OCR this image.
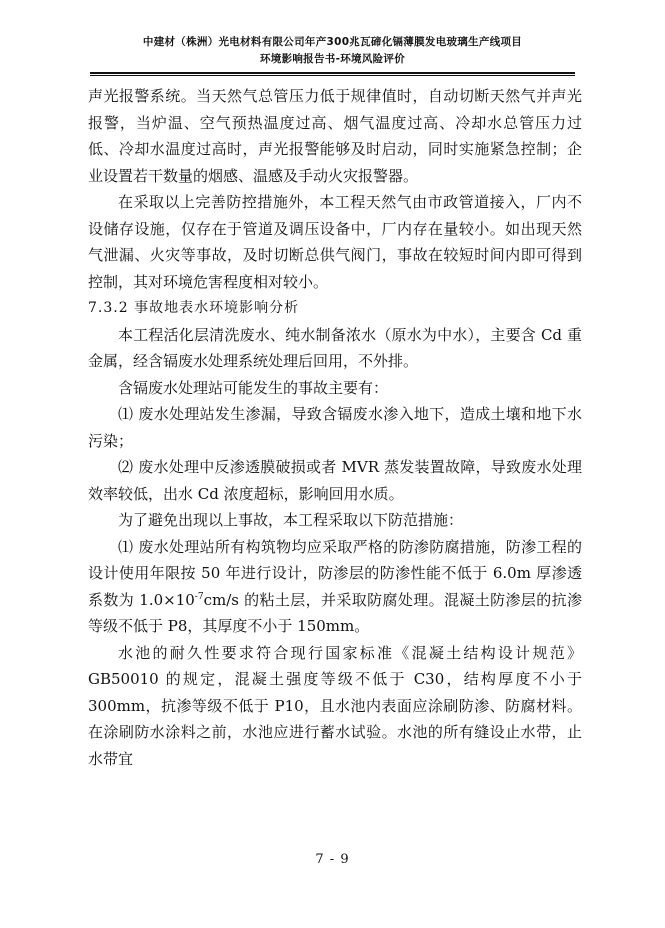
中建材（株洲）光电材料有限公司年产300兆瓦碲化镉薄膜发电玻璃生产线项目
环境影响报告书-环境风险评价

声光报警系统。当天然气总管压力低于规律值时，自动切断天然气并声光报警，当炉温、空气预热温度过高、烟气温度过高、冷却水总管压力过低、冷却水温度过高时，声光报警能够及时启动，同时实施紧急控制；企业设置若干数量的烟感、温感及手动火灾报警器。

在采取以上完善防控措施外，本工程天然气由市政管道接入，厂内不设储存设施，仅存在于管道及调压设备中，厂内存在量较小。如出现天然气泄漏、火灾等事故，及时切断总供气阀门，事故在较短时间内即可得到控制，其对环境危害程度相对较小。

7.3.2 事故地表水环境影响分析

本工程活化层清洗废水、纯水制备浓水（原水为中水），主要含 Cd 重金属，经含镉废水处理系统处理后回用，不外排。

含镉废水处理站可能发生的事故主要有：

⑴ 废水处理站发生渗漏，导致含镉废水渗入地下，造成土壤和地下水污染；

⑵ 废水处理中反渗透膜破损或者 MVR 蒸发装置故障，导致废水处理效率较低，出水 Cd 浓度超标，影响回用水质。

为了避免出现以上事故，本工程采取以下防范措施：

⑴ 废水处理站所有构筑物均应采取严格的防渗防腐措施，防渗工程的设计使用年限按 50 年进行设计，防渗层的防渗性能不低于 6.0m 厚渗透系数为 $1.0\times 10^{-7}cm/s$ 的粘土层，并采取防腐处理。混凝土防渗层的抗渗等级不低于 P8，其厚度不小于 150mm。

水池的耐久性要求符合现行国家标准《混凝土结构设计规范》GB50010 的规定，混凝土强度等级不低于 C30，结构厚度不小于 300mm，抗渗等级不低于 P10，且水池内表面应涂刷防渗、防腐材料。在涂刷防水涂料之前，水池应进行蓄水试验。水池的所有缝设止水带，止水带宜

7 - 9
